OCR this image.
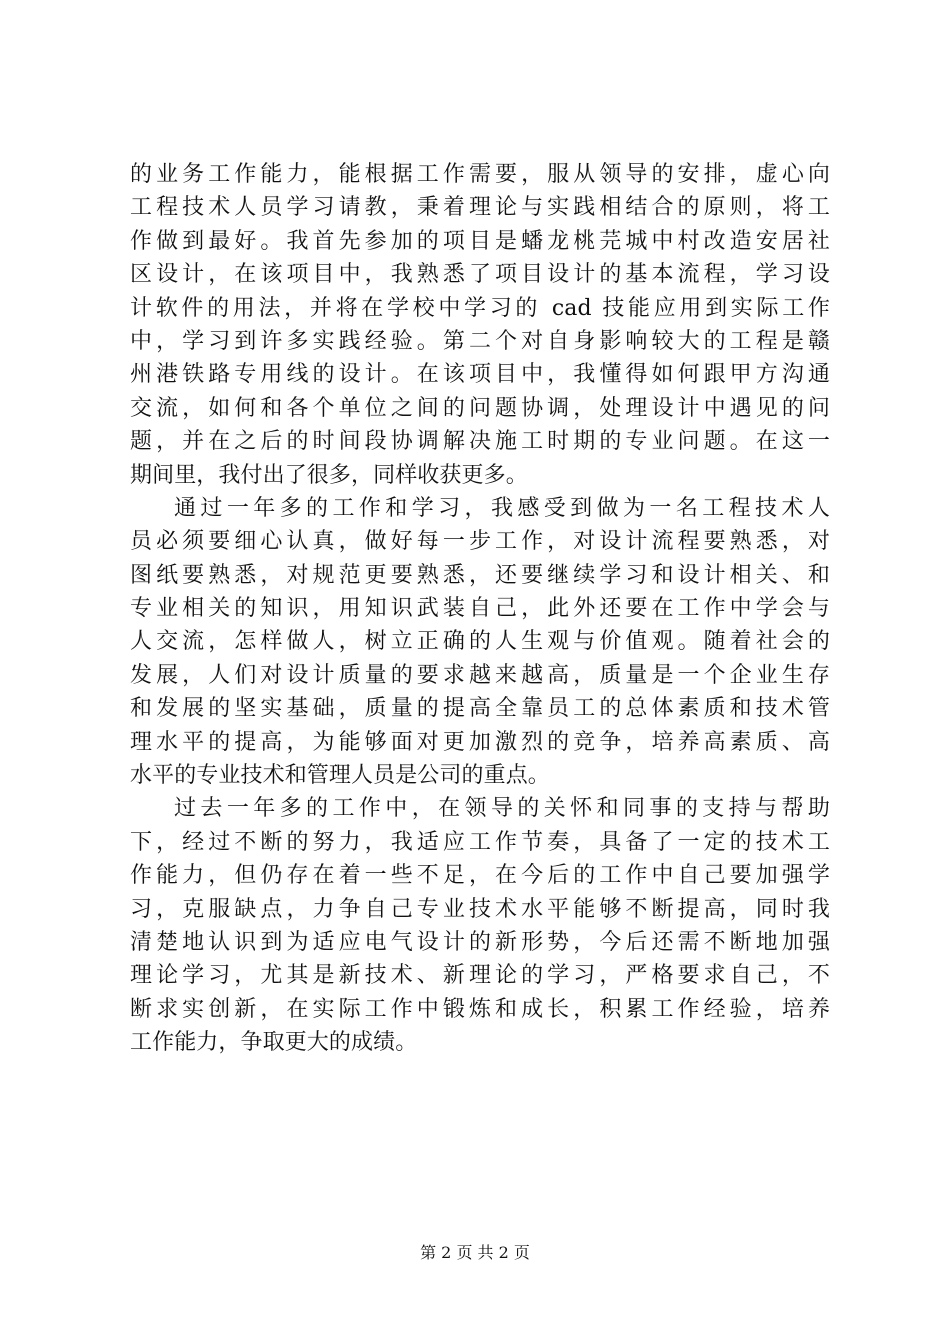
的业务工作能力，能根据工作需要，服从领导的安排，虚心向
工程技术人员学习请教，秉着理论与实践相结合的原则，将工
作做到最好。我首先参加的项目是蟠龙桃芫城中村改造安居社
区设计，在该项目中，我熟悉了项目设计的基本流程，学习设
计软件的用法，并将在学校中学习的 cad 技能应用到实际工作
中，学习到许多实践经验。第二个对自身影响较大的工程是赣
州港铁路专用线的设计。在该项目中，我懂得如何跟甲方沟通
交流，如何和各个单位之间的问题协调，处理设计中遇见的问
题，并在之后的时间段协调解决施工时期的专业问题。在这一
期间里，我付出了很多，同样收获更多。
通过一年多的工作和学习，我感受到做为一名工程技术人
员必须要细心认真，做好每一步工作，对设计流程要熟悉，对
图纸要熟悉，对规范更要熟悉，还要继续学习和设计相关、和
专业相关的知识，用知识武装自己，此外还要在工作中学会与
人交流，怎样做人，树立正确的人生观与价值观。随着社会的
发展，人们对设计质量的要求越来越高，质量是一个企业生存
和发展的坚实基础，质量的提高全靠员工的总体素质和技术管
理水平的提高，为能够面对更加激烈的竞争，培养高素质、高
水平的专业技术和管理人员是公司的重点。
过去一年多的工作中，在领导的关怀和同事的支持与帮助
下，经过不断的努力，我适应工作节奏，具备了一定的技术工
作能力，但仍存在着一些不足，在今后的工作中自己要加强学
习，克服缺点，力争自己专业技术水平能够不断提高，同时我
清楚地认识到为适应电气设计的新形势，今后还需不断地加强
理论学习，尤其是新技术、新理论的学习，严格要求自己，不
断求实创新，在实际工作中锻炼和成长，积累工作经验，培养
工作能力，争取更大的成绩。
第 2 页 共 2 页
